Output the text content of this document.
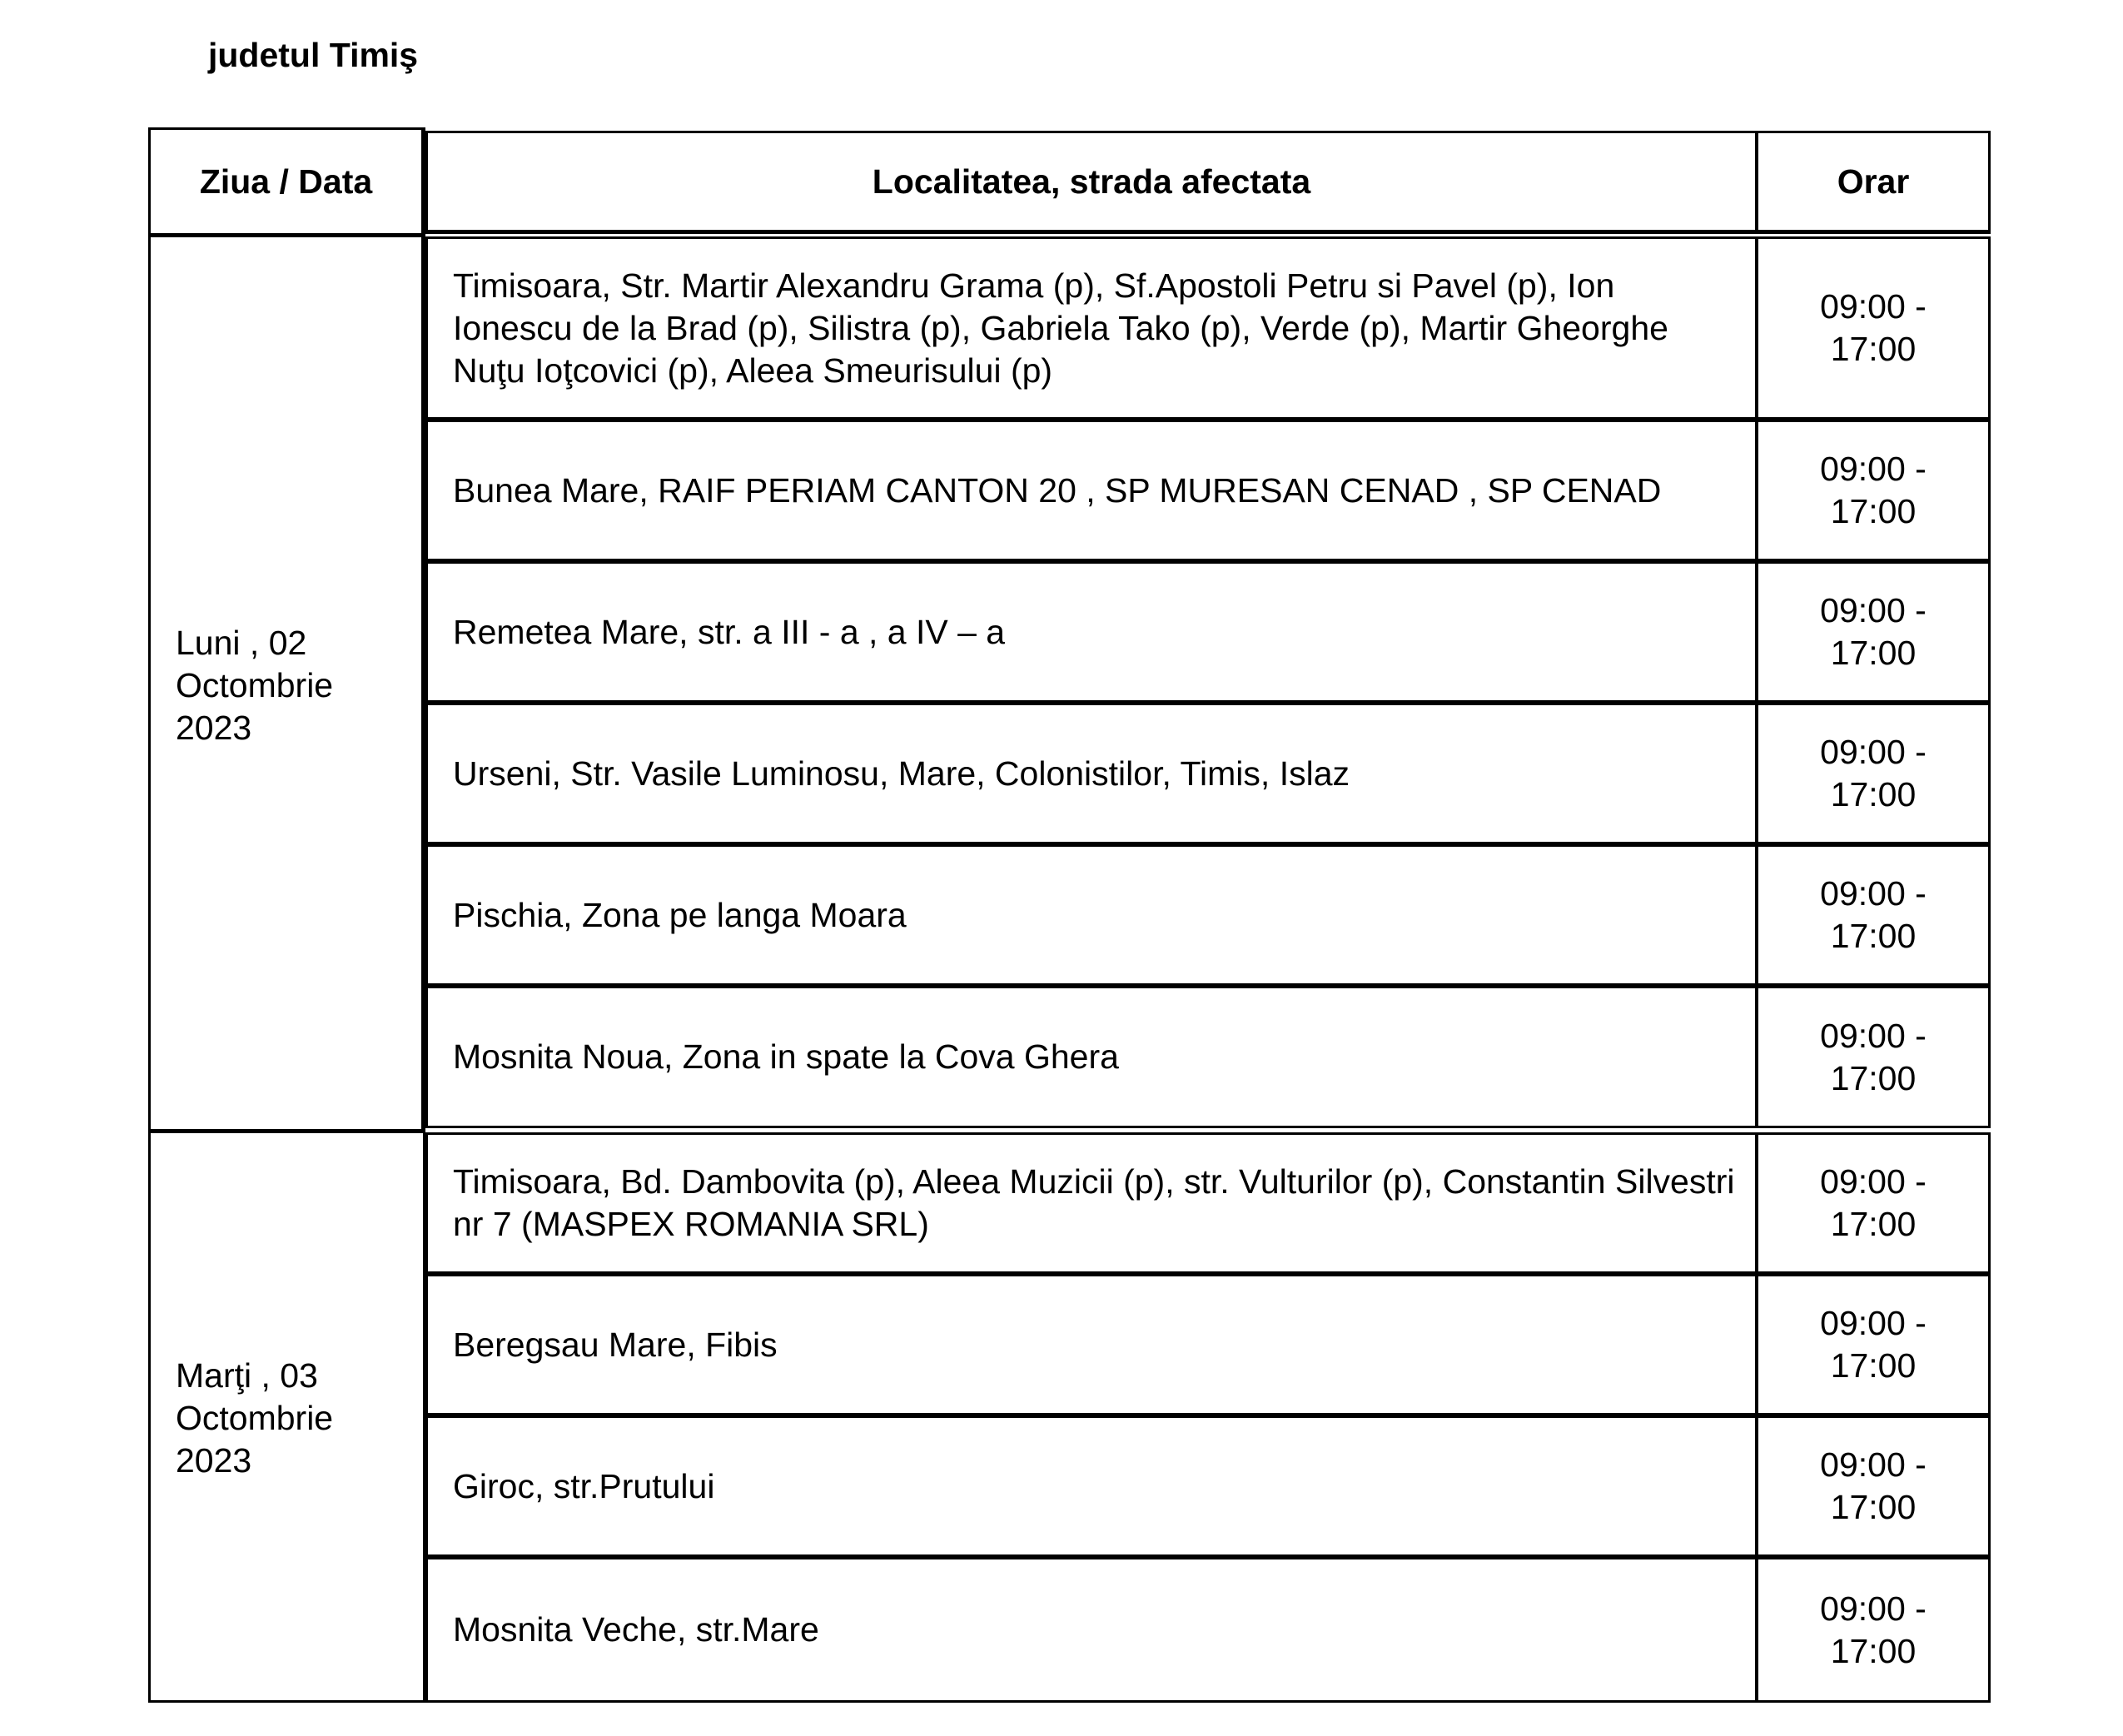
judetul Timiş
Ziua / Data	Localitatea, strada afectata	Orar
Luni , 02 Octombrie 2023
Marţi , 03 Octombrie 2023
Timisoara, Str. Martir Alexandru Grama (p), Sf.Apostoli Petru si Pavel (p), Ion Ionescu de la Brad (p), Silistra (p), Gabriela Tako (p), Verde (p), Martir Gheorghe Nuţu Ioţcovici (p), Aleea Smeurisului (p)
09:00 - 17:00
Bunea Mare, RAIF PERIAM CANTON 20 , SP MURESAN CENAD , SP CENAD
09:00 - 17:00
Remetea Mare, str. a III - a , a IV – a
09:00 - 17:00
Urseni, Str. Vasile Luminosu, Mare, Colonistilor, Timis, Islaz
09:00 - 17:00
Pischia, Zona pe langa Moara
09:00 - 17:00
Mosnita Noua, Zona in spate la Cova Ghera
09:00 - 17:00
Timisoara, Bd. Dambovita (p), Aleea Muzicii (p), str. Vulturilor (p), Constantin Silvestri nr 7 (MASPEX ROMANIA SRL)
09:00 - 17:00
Beregsau Mare, Fibis
09:00 - 17:00
Giroc, str.Prutului
09:00 - 17:00
Mosnita Veche, str.Mare
09:00 - 17:00
